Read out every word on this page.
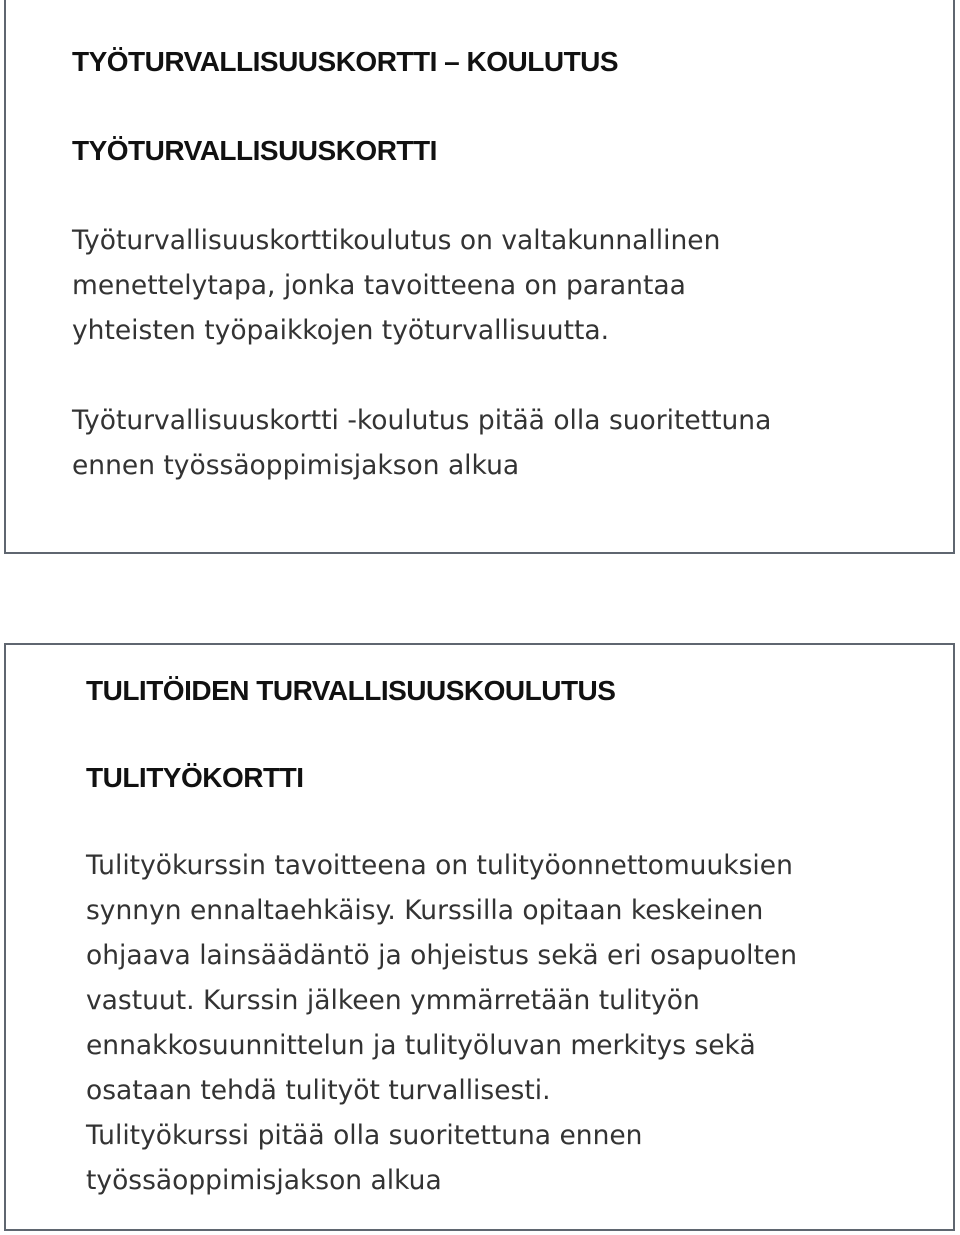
TYÖTURVALLISUUSKORTTI – KOULUTUS
TYÖTURVALLISUUSKORTTI

Työturvallisuuskorttikoulutus on valtakunnallinen
menettelytapa, jonka tavoitteena on parantaa
yhteisten työpaikkojen työturvallisuutta.

Työturvallisuuskortti -koulutus pitää olla suoritettuna
ennen työssäoppimisjakson alkua

TULITÖIDEN TURVALLISUUSKOULUTUS
TULITYÖKORTTI

Tulityökurssin tavoitteena on tulityöonnettomuuksien
synnyn ennaltaehkäisy. Kurssilla opitaan keskeinen
ohjaava lainsäädäntö ja ohjeistus sekä eri osapuolten
vastuut. Kurssin jälkeen ymmärretään tulityön
ennakkosuunnittelun ja tulityöluvan merkitys sekä
osataan tehdä tulityöt turvallisesti.
Tulityökurssi pitää olla suoritettuna ennen
työssäoppimisjakson alkua
